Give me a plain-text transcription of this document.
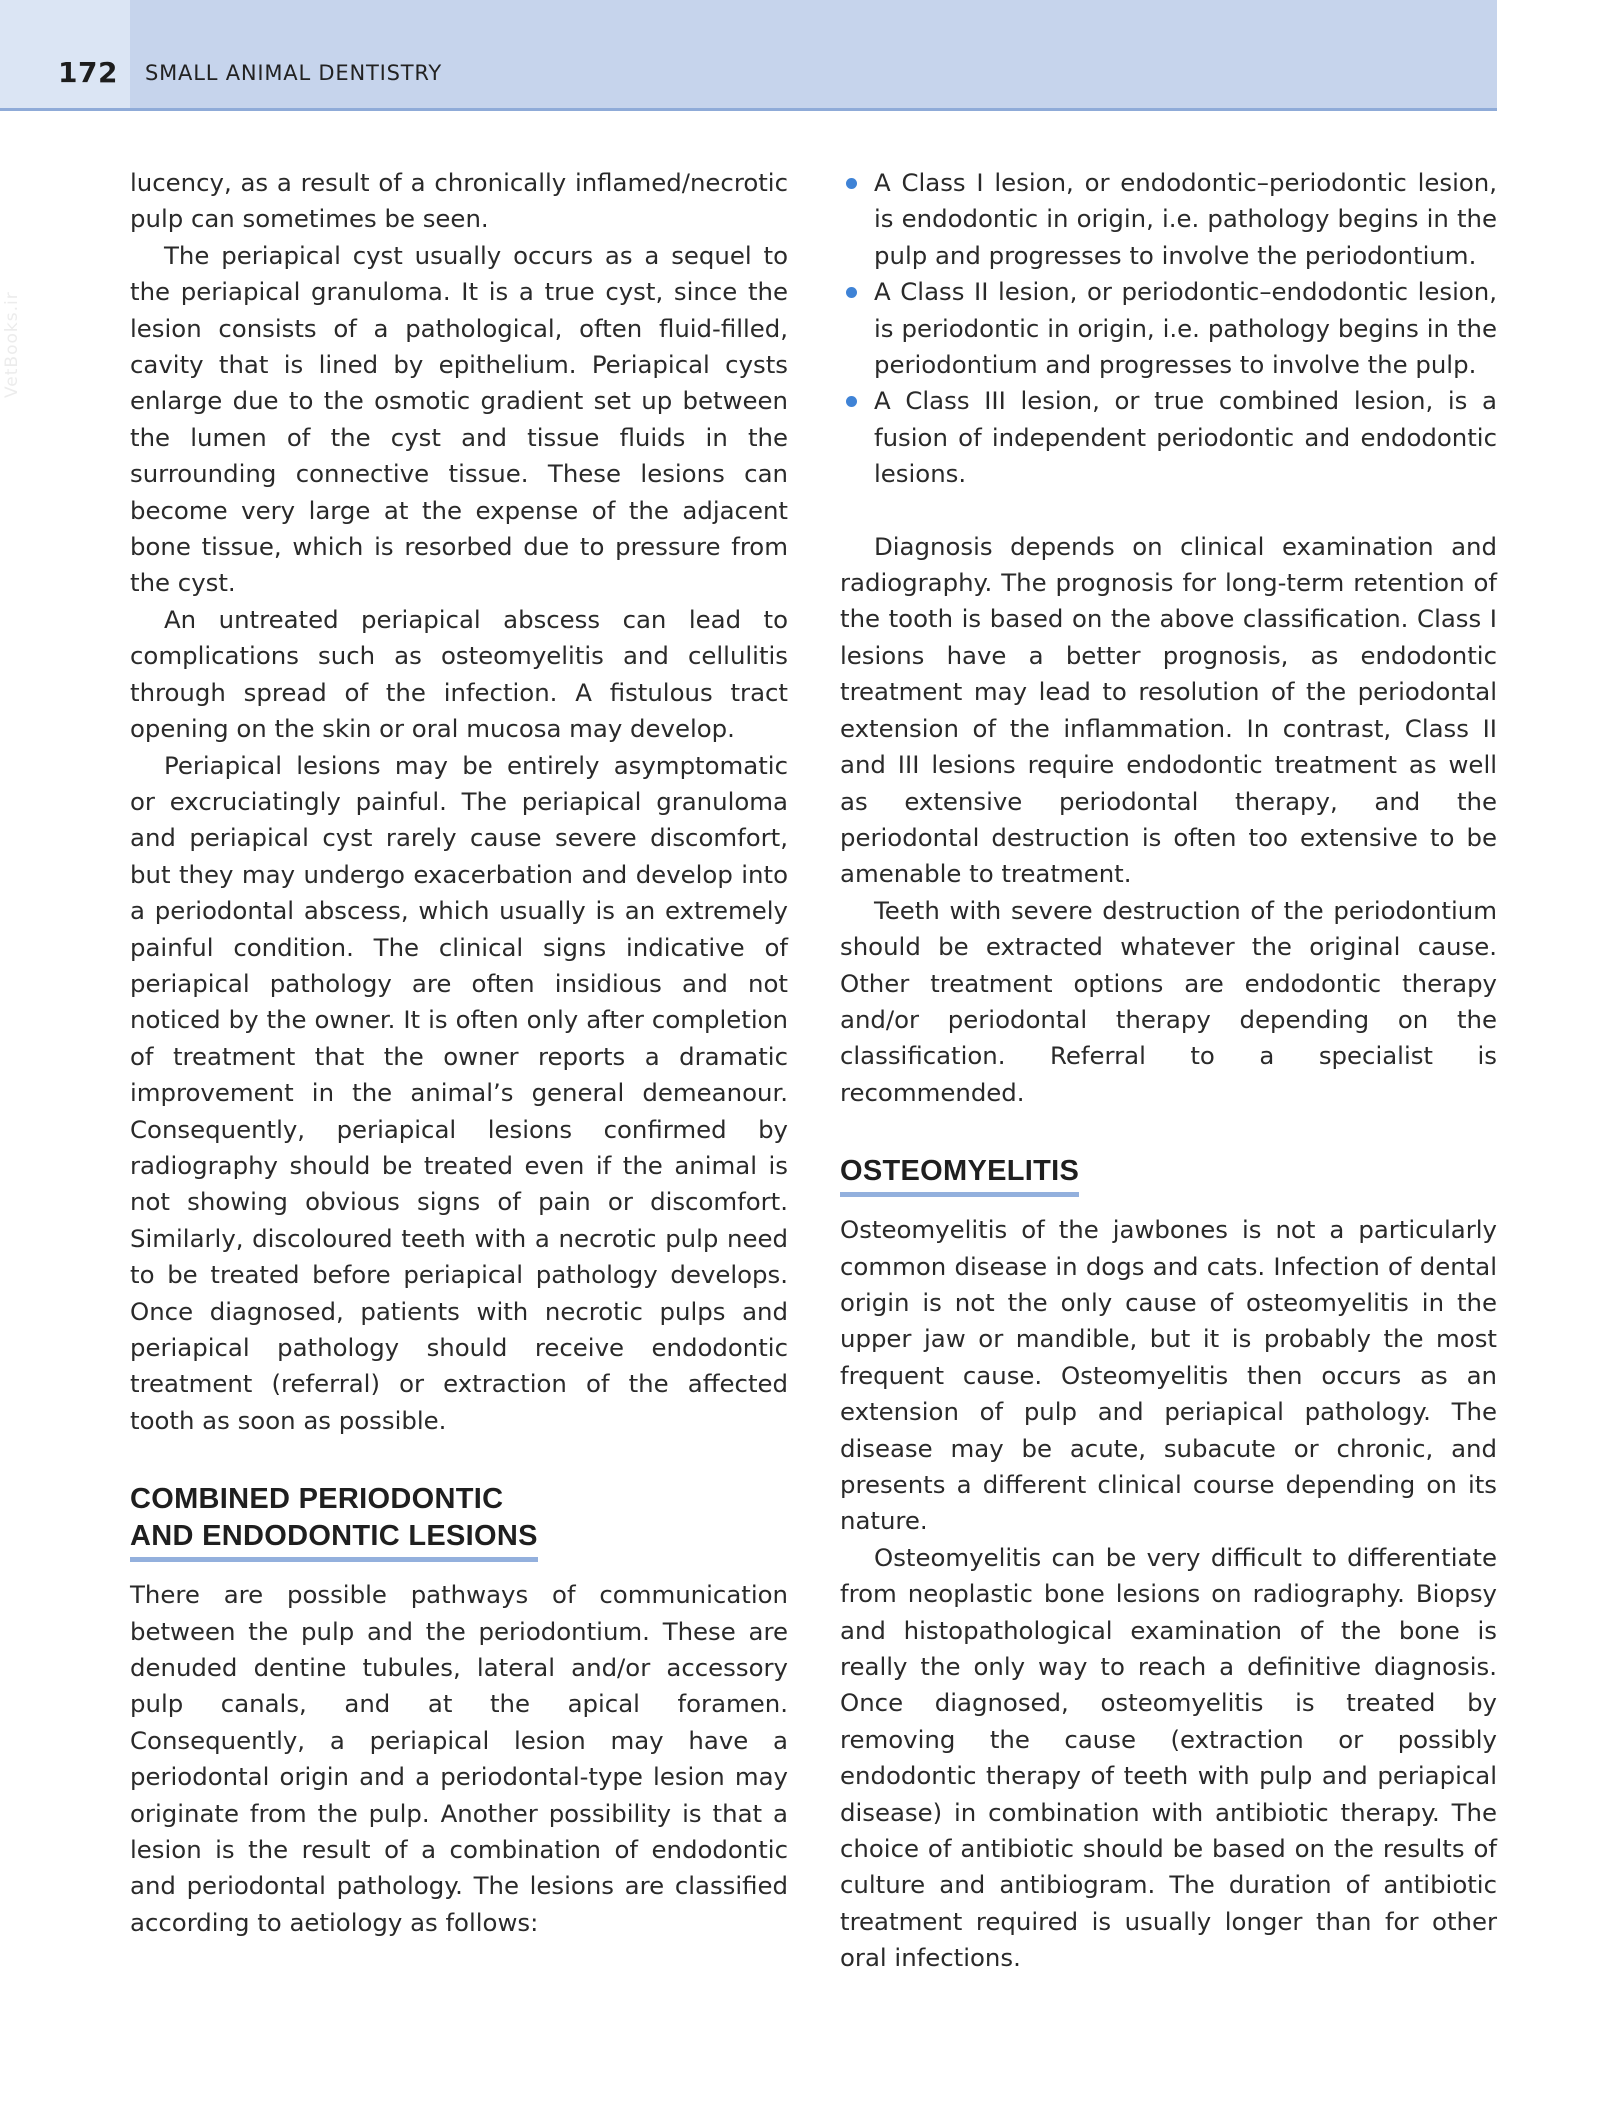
172 SMALL ANIMAL DENTISTRY
VetBooks.ir

lucency, as a result of a chronically inflamed/necrotic pulp can sometimes be seen.

The periapical cyst usually occurs as a sequel to the periapical granuloma. It is a true cyst, since the lesion consists of a pathological, often fluid-filled, cavity that is lined by epithelium. Periapical cysts enlarge due to the osmotic gradient set up between the lumen of the cyst and tissue fluids in the surrounding connective tissue. These lesions can become very large at the expense of the adjacent bone tissue, which is resorbed due to pressure from the cyst.

An untreated periapical abscess can lead to complications such as osteomyelitis and cellulitis through spread of the infection. A fistulous tract opening on the skin or oral mucosa may develop.

Periapical lesions may be entirely asymptomatic or excruciatingly painful. The periapical granuloma and periapical cyst rarely cause severe discomfort, but they may undergo exacerbation and develop into a periodontal abscess, which usually is an extremely painful condition. The clinical signs indicative of periapical pathology are often insidious and not noticed by the owner. It is often only after completion of treatment that the owner reports a dramatic improvement in the animal’s general demeanour. Consequently, periapical lesions confirmed by radiography should be treated even if the animal is not showing obvious signs of pain or discomfort. Similarly, discoloured teeth with a necrotic pulp need to be treated before periapical pathology develops. Once diagnosed, patients with necrotic pulps and periapical pathology should receive endodontic treatment (referral) or extraction of the affected tooth as soon as possible.

COMBINED PERIODONTIC
AND ENDODONTIC LESIONS

There are possible pathways of communication between the pulp and the periodontium. These are denuded dentine tubules, lateral and/or accessory pulp canals, and at the apical foramen. Consequently, a periapical lesion may have a periodontal origin and a periodontal-type lesion may originate from the pulp. Another possibility is that a lesion is the result of a combination of endodontic and periodontal pathology. The lesions are classified according to aetiology as follows:

A Class I lesion, or endodontic–periodontic lesion, is endodontic in origin, i.e. pathology begins in the pulp and progresses to involve the periodontium.
A Class II lesion, or periodontic–endodontic lesion, is periodontic in origin, i.e. pathology begins in the periodontium and progresses to involve the pulp.
A Class III lesion, or true combined lesion, is a fusion of independent periodontic and endodontic lesions.

Diagnosis depends on clinical examination and radiography. The prognosis for long-term retention of the tooth is based on the above classification. Class I lesions have a better prognosis, as endodontic treatment may lead to resolution of the periodontal extension of the inflammation. In contrast, Class II and III lesions require endodontic treatment as well as extensive periodontal therapy, and the periodontal destruction is often too extensive to be amenable to treatment.

Teeth with severe destruction of the periodontium should be extracted whatever the original cause. Other treatment options are endodontic therapy and/or periodontal therapy depending on the classification. Referral to a specialist is recommended.

OSTEOMYELITIS

Osteomyelitis of the jawbones is not a particularly common disease in dogs and cats. Infection of dental origin is not the only cause of osteomyelitis in the upper jaw or mandible, but it is probably the most frequent cause. Osteomyelitis then occurs as an extension of pulp and periapical pathology. The disease may be acute, subacute or chronic, and presents a different clinical course depending on its nature.

Osteomyelitis can be very difficult to differentiate from neoplastic bone lesions on radiography. Biopsy and histopathological examination of the bone is really the only way to reach a definitive diagnosis. Once diagnosed, osteomyelitis is treated by removing the cause (extraction or possibly endodontic therapy of teeth with pulp and periapical disease) in combination with antibiotic therapy. The choice of antibiotic should be based on the results of culture and antibiogram. The duration of antibiotic treatment required is usually longer than for other oral infections.
